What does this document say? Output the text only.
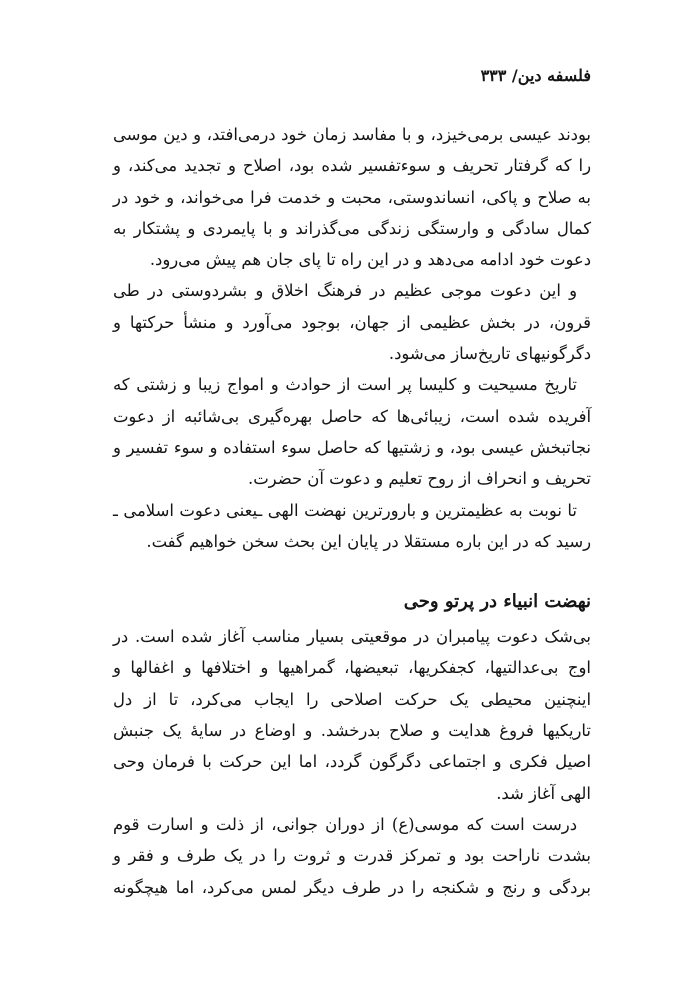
فلسفه دین/ ۳۳۳
بودند عیسی برمی‌خیزد، و با مفاسد زمان خود درمی‌افتد، و دین موسی
را که گرفتار تحریف و سوءتفسیر شده بود، اصلاح و تجدید می‌کند، و
به صلاح و پاکی، انساندوستی، محبت و خدمت فرا می‌خواند، و خود در
کمال سادگی و وارستگی زندگی می‌گذراند و با پایمردی و پشتکار به
دعوت خود ادامه می‌دهد و در این راه تا پای جان هم پیش می‌رود.
و این دعوت موجی عظیم در فرهنگ اخلاق و بشردوستی در طی
قرون، در بخش عظیمی از جهان، بوجود می‌آورد و منشأ حرکتها و
دگرگونیهای تاریخ‌ساز می‌شود.
تاریخ مسیحیت و کلیسا پر است از حوادث و امواج زیبا و زشتی که
آفریده شده است، زیبائی‌ها که حاصل بهره‌گیری بی‌شائبه از دعوت
نجاتبخش عیسی بود، و زشتیها که حاصل سوء استفاده و سوء تفسیر و
تحریف و انحراف از روح تعلیم و دعوت آن حضرت.
تا نوبت به عظیمترین و بارورترین نهضت الهی ـیعنی دعوت اسلامی ـ
رسید که در این باره مستقلا در پایان این بحث سخن خواهیم گفت.
نهضت انبیاء در پرتو وحی
بی‌شک دعوت پیامبران در موقعیتی بسیار مناسب آغاز شده است. در
اوج بی‌عدالتیها، کجفکریها، تبعیضها، گمراهیها و اختلافها و اغفالها و
اینچنین محیطی یک حرکت اصلاحی را ایجاب می‌کرد، تا از دل
تاریکیها فروغ هدایت و صلاح بدرخشد. و اوضاع در سایهٔ یک جنبش
اصیل فکری و اجتماعی دگرگون گردد، اما این حرکت با فرمان وحی
الهی آغاز شد.
درست است که موسی(ع) از دوران جوانی، از ذلت و اسارت قوم
بشدت ناراحت بود و تمرکز قدرت و ثروت را در یک طرف و فقر و
بردگی و رنج و شکنجه را در طرف دیگر لمس می‌کرد، اما هیچگونه
